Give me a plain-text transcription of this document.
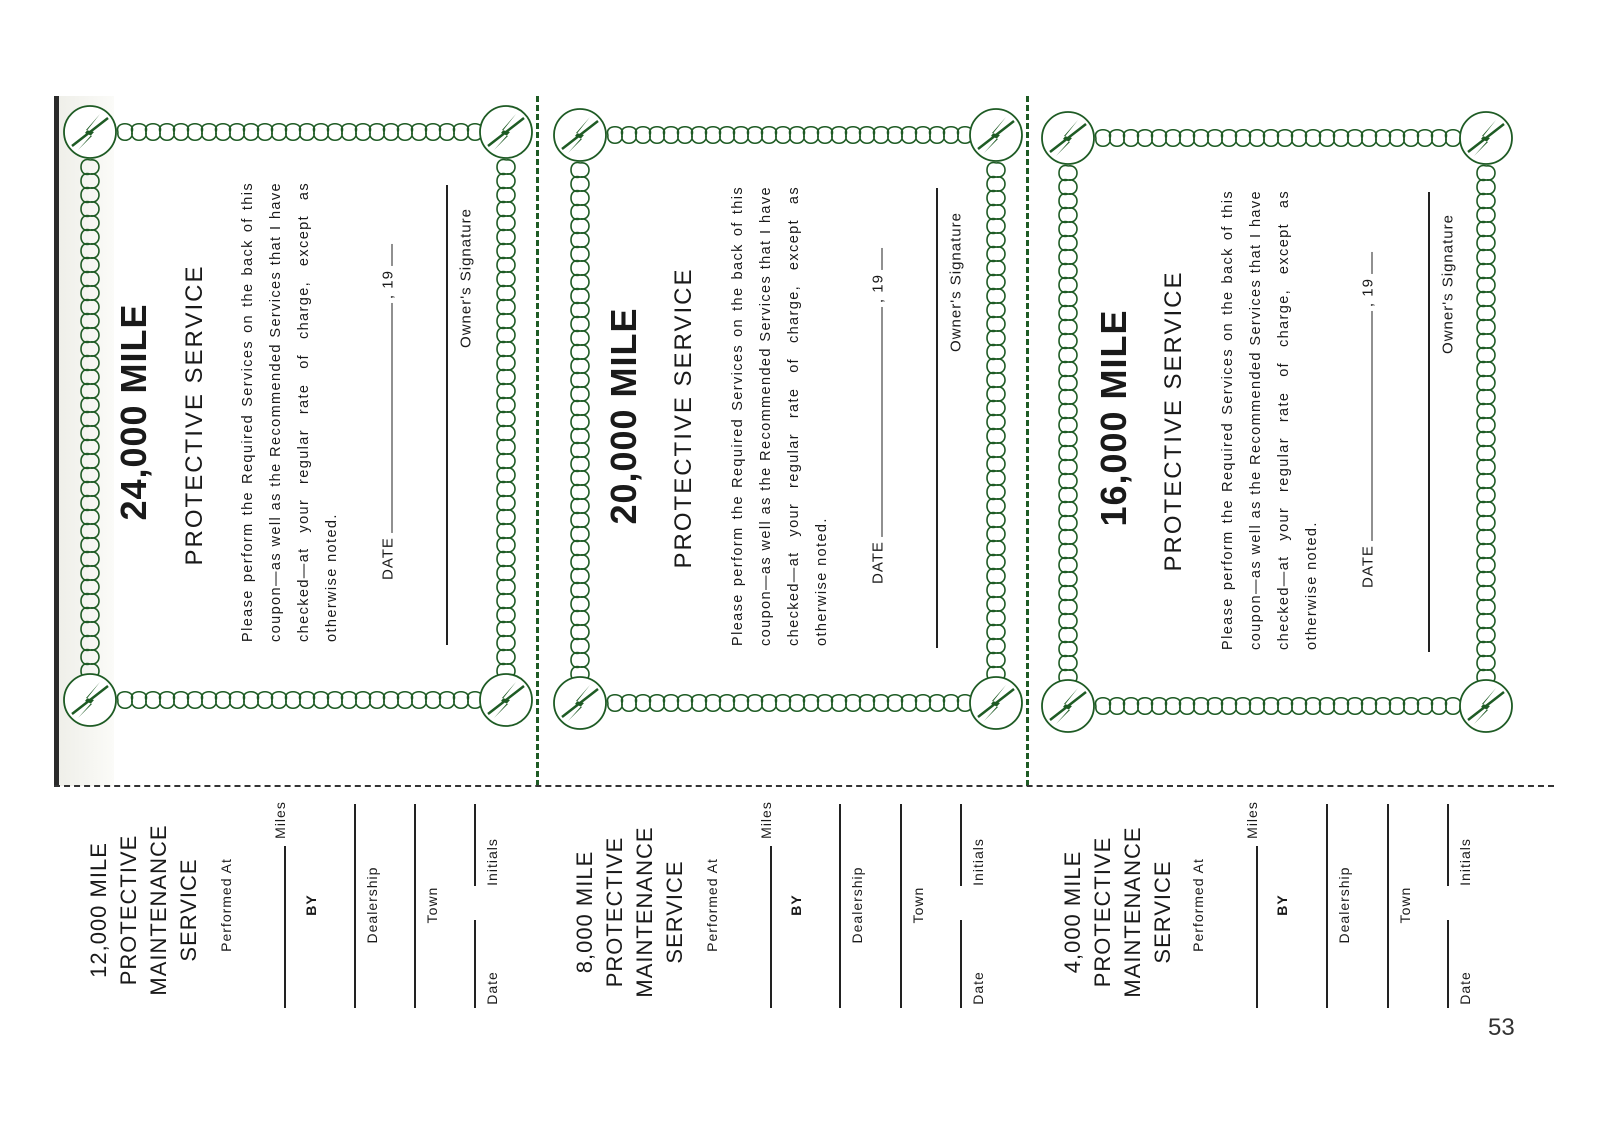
24,000 MILE PROTECTIVE SERVICE	Please perform the Required Services on the back of this coupon—as well as the Recommended Services that I have checked—at your regular rate of charge, except as otherwise noted.	DATE, 19	Owner's Signature
20,000 MILE PROTECTIVE SERVICE	Please perform the Required Services on the back of this coupon—as well as the Recommended Services that I have checked—at your regular rate of charge, except as otherwise noted.	DATE, 19	Owner's Signature
16,000 MILE PROTECTIVE SERVICE	Please perform the Required Services on the back of this coupon—as well as the Recommended Services that I have checked—at your regular rate of charge, except as otherwise noted.	DATE, 19	Owner's Signature
12,000 MILE PROTECTIVE MAINTENANCE SERVICE Performed At
Miles
BY	Dealership	Town
Initials
Date
8,000 MILE PROTECTIVE MAINTENANCE SERVICE Performed At
Miles
BY	Dealership	Town
Initials
Date
4,000 MILE PROTECTIVE MAINTENANCE SERVICE Performed At
Miles
BY	Dealership	Town
Initials
Date
53
